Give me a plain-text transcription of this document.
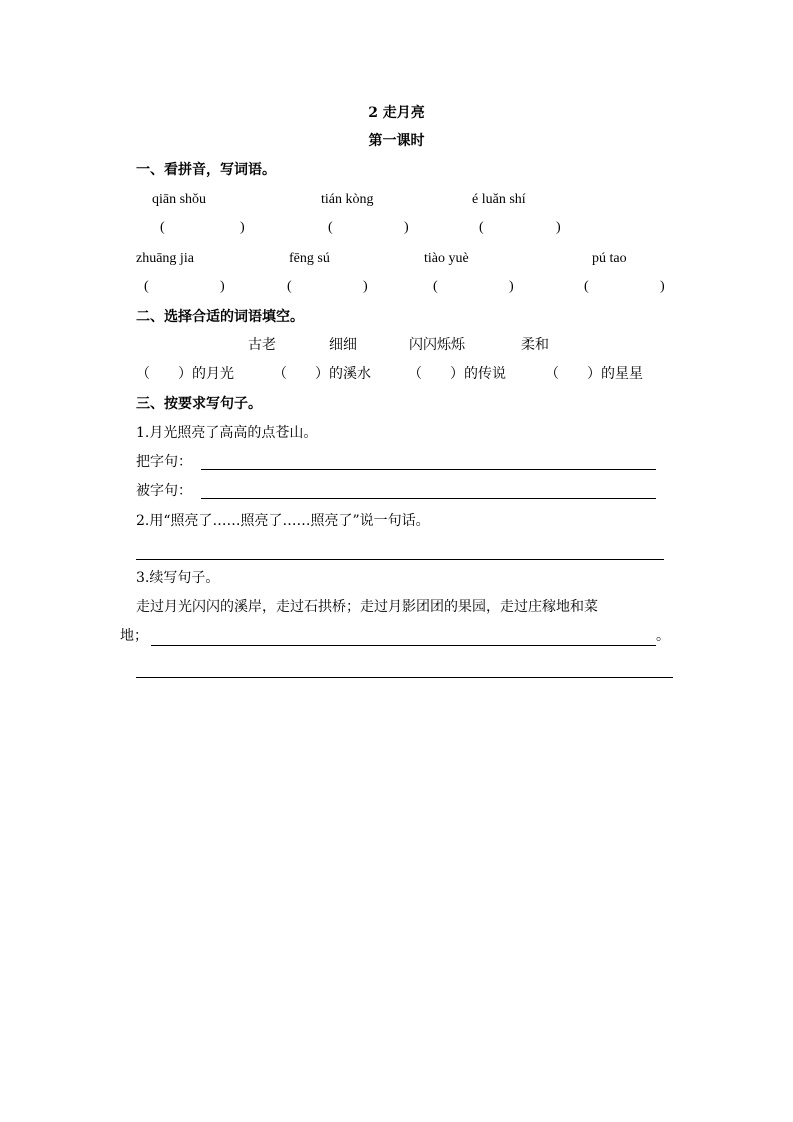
2 走月亮
第一课时
一、看拼音，写词语。
qiān shǒu	tián kòng	é luǎn shí
(	)	(	)	(	)
zhuāng jia	fēng sú	tiào yuè	pú tao
(	)	(	)	(	)	(	)
二、选择合适的词语填空。
古老	细细	闪闪烁烁	柔和
（　　）的月光	（　　）的溪水	（　　）的传说	（　　）的星星
三、按要求写句子。
1.月光照亮了高高的点苍山。
把字句：
被字句：
2.用“照亮了……照亮了……照亮了”说一句话。
3.续写句子。
走过月光闪闪的溪岸，走过石拱桥；走过月影团团的果园，走过庄稼地和菜
地；	。
